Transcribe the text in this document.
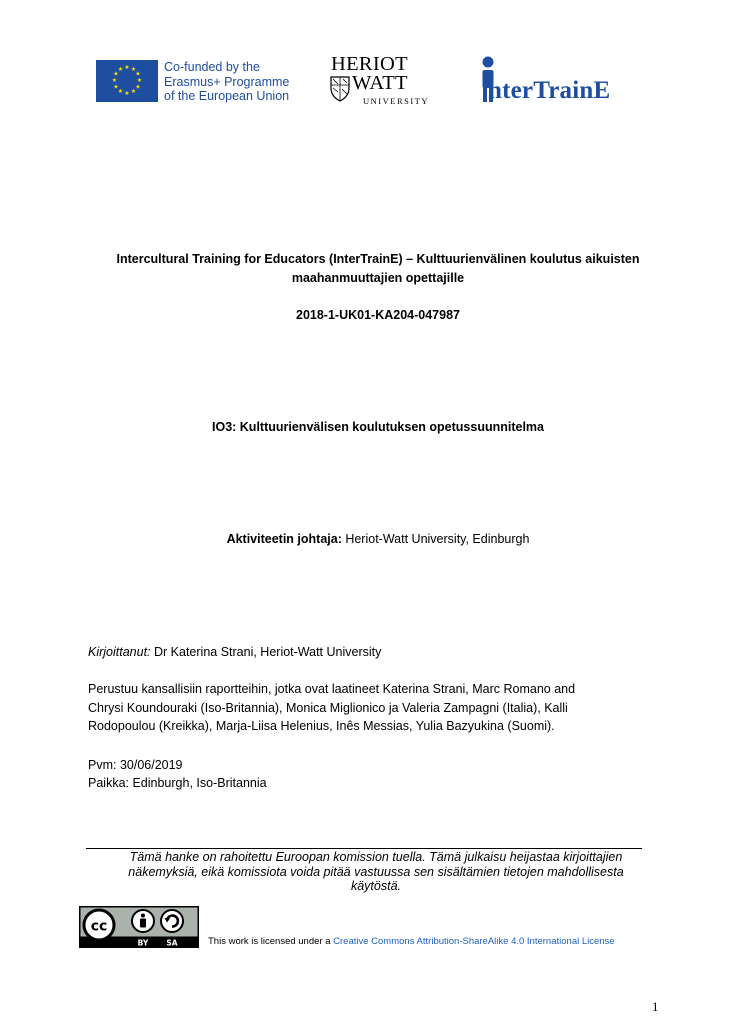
★ ★
★
★
★
★
★
★
★
★
★
★	Co-funded by the
Erasmus+ Programme
of the European Union
HERIOT
WATT
UNIVERSITY nterTrainE
Intercultural Training for Educators (InterTrainE) – Kulttuurienvälinen koulutus aikuisten
maahanmuuttajien opettajille
2018-1-UK01-KA204-047987
IO3: Kulttuurienvälisen koulutuksen opetussuunnitelma
Aktiviteetin johtaja: Heriot-Watt University, Edinburgh
Kirjoittanut: Dr Katerina Strani, Heriot-Watt University
Perustuu kansallisiin raportteihin, jotka ovat laatineet Katerina Strani, Marc Romano and
Chrysi Koundouraki (Iso-Britannia), Monica Miglionico ja Valeria Zampagni (Italia), Kalli
Rodopoulou (Kreikka), Marja-Liisa Helenius, Inês Messias, Yulia Bazyukina (Suomi).
Pvm: 30/06/2019
Paikka: Edinburgh, Iso-Britannia
Tämä hanke on rahoitettu Euroopan komission tuella. Tämä julkaisu heijastaa kirjoittajien
näkemyksiä, eikä komissiota voida pitää vastuussa sen sisältämien tietojen mahdollisesta
käytöstä.
cc
BY SA	This work is licensed under a Creative Commons Attribution-ShareAlike 4.0 International License
1
